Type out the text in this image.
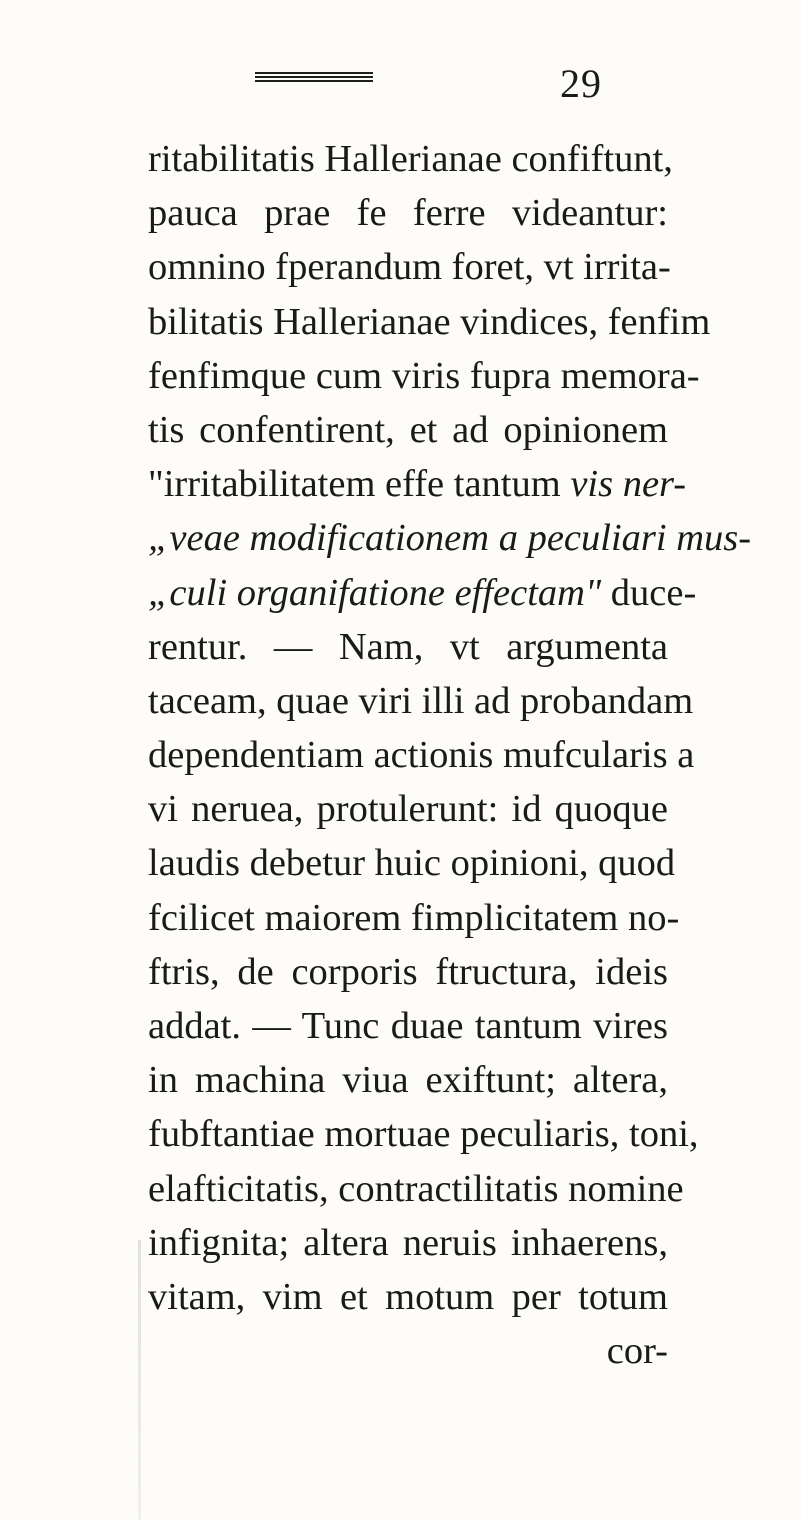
29
ritabilitatis Hallerianae confiftunt,
pauca prae fe ferre videantur:
omnino fperandum foret, vt irrita-
bilitatis Hallerianae vindices, fenfim
fenfimque cum viris fupra memora-
tis confentirent, et ad opinionem
"irritabilitatem effe tantum vis ner-
„veae modificationem a peculiari mus-
„culi organifatione effectam" duce-
rentur. — Nam, vt argumenta
taceam, quae viri illi ad probandam
dependentiam actionis mufcularis a
vi neruea, protulerunt: id quoque
laudis debetur huic opinioni, quod
fcilicet maiorem fimplicitatem no-
ftris, de corporis ftructura, ideis
addat. — Tunc duae tantum vires
in machina viua exiftunt; altera,
fubftantiae mortuae peculiaris, toni,
elafticitatis, contractilitatis nomine
infignita; altera neruis inhaerens,
vitam, vim et motum per totum
cor-
